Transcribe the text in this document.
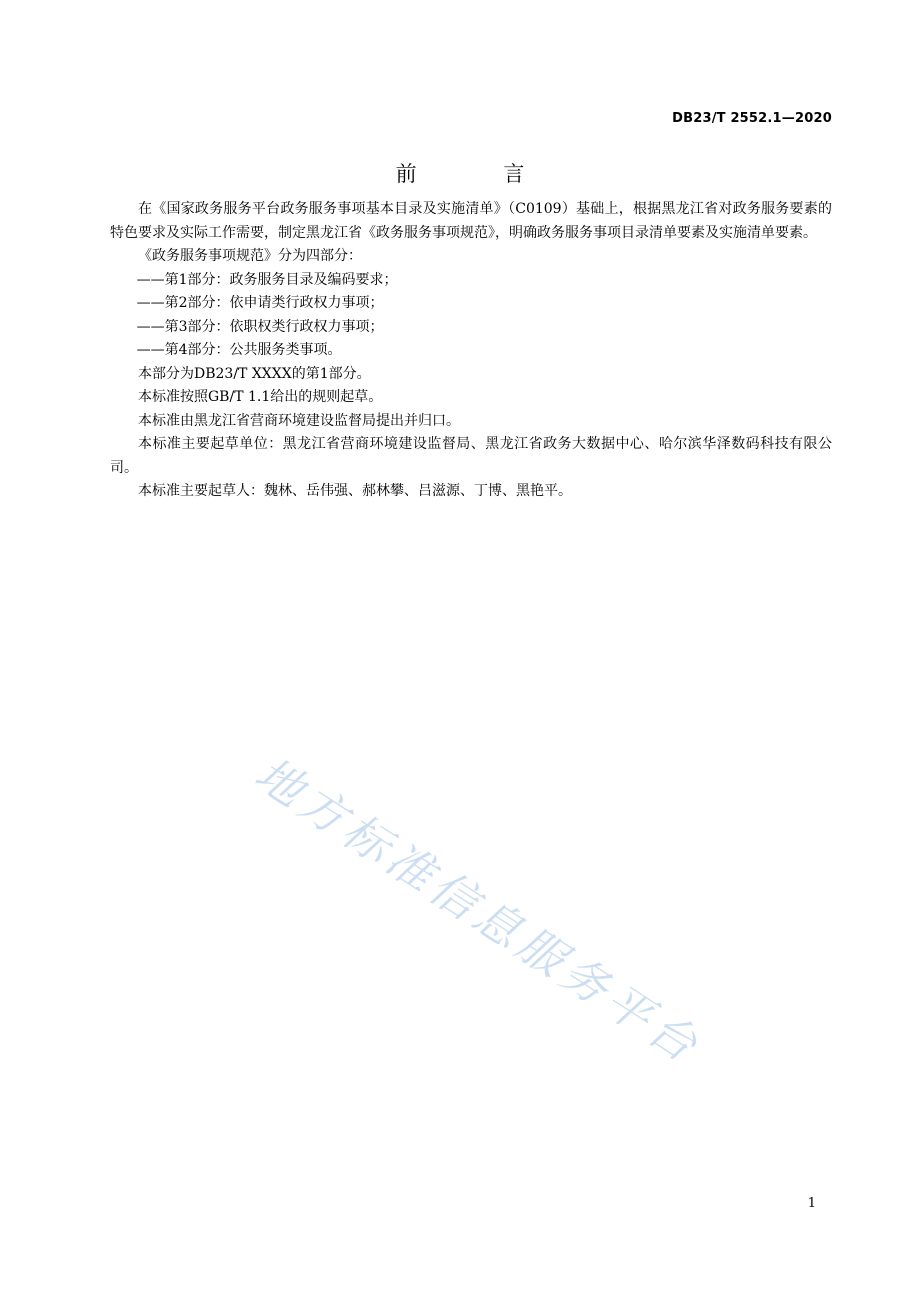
DB23/T 2552.1—2020
前 言

在《国家政务服务平台政务服务事项基本目录及实施清单》（C0109）基础上，根据黑龙江省对政务服务要素的特色要求及实际工作需要，制定黑龙江省《政务服务事项规范》，明确政务服务事项目录清单要素及实施清单要素。

《政务服务事项规范》分为四部分：

——第1部分：政务服务目录及编码要求；

——第2部分：依申请类行政权力事项；

——第3部分：依职权类行政权力事项；

——第4部分：公共服务类事项。

本部分为DB23/T XXXX的第1部分。

本标准按照GB/T 1.1给出的规则起草。

本标准由黑龙江省营商环境建设监督局提出并归口。

本标准主要起草单位：黑龙江省营商环境建设监督局、黑龙江省政务大数据中心、哈尔滨华泽数码科技有限公司。

本标准主要起草人：魏林、岳伟强、郝林攀、吕滋源、丁博、黑艳平。

地方标准信息服务平台
1
